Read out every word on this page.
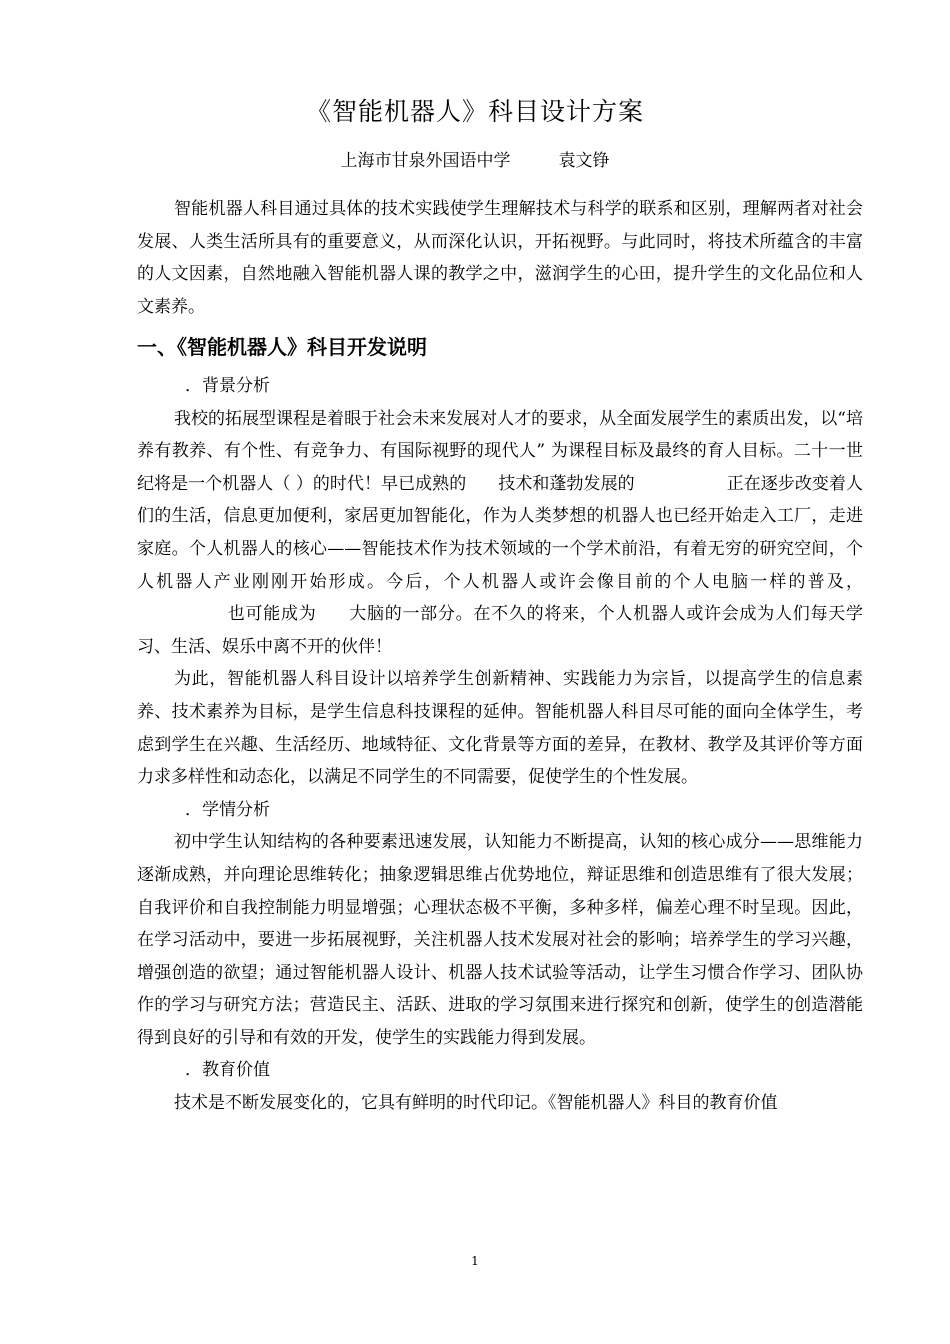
《智能机器人》科目设计方案
上海市甘泉外国语中学	袁文铮

智能机器人科目通过具体的技术实践使学生理解技术与科学的联系和区别，理解两者对社会发展、人类生活所具有的重要意义，从而深化认识，开拓视野。与此同时，将技术所蕴含的丰富的人文因素，自然地融入智能机器人课的教学之中，滋润学生的心田，提升学生的文化品位和人文素养。

一、《智能机器人》科目开发说明

．背景分析

我校的拓展型课程是着眼于社会未来发展对人才的要求，从全面发展学生的素质出发，以“培养有教养、有个性、有竞争力、有国际视野的现代人” 为课程目标及最终的育人目标。二十一世纪将是一个机器人（ ）的时代！早已成熟的 技术和蓬勃发展的	正在逐步改变着人们的生活，信息更加便利，家居更加智能化，作为人类梦想的机器人也已经开始走入工厂，走进家庭。个人机器人的核心——智能技术作为技术领域的一个学术前沿，有着无穷的研究空间，个人机器人产业刚刚开始形成。今后，个人机器人或许会像目前的个人电脑一样的普及，也可能成为 大脑的一部分。在不久的将来，个人机器人或许会成为人们每天学习、生活、娱乐中离不开的伙伴！

为此，智能机器人科目设计以培养学生创新精神、实践能力为宗旨，以提高学生的信息素养、技术素养为目标，是学生信息科技课程的延伸。智能机器人科目尽可能的面向全体学生，考虑到学生在兴趣、生活经历、地域特征、文化背景等方面的差异，在教材、教学及其评价等方面力求多样性和动态化，以满足不同学生的不同需要，促使学生的个性发展。

．学情分析

初中学生认知结构的各种要素迅速发展，认知能力不断提高，认知的核心成分——思维能力逐渐成熟，并向理论思维转化；抽象逻辑思维占优势地位，辩证思维和创造思维有了很大发展；自我评价和自我控制能力明显增强；心理状态极不平衡，多种多样，偏差心理不时呈现。因此，在学习活动中，要进一步拓展视野，关注机器人技术发展对社会的影响；培养学生的学习兴趣，增强创造的欲望；通过智能机器人设计、机器人技术试验等活动，让学生习惯合作学习、团队协作的学习与研究方法；营造民主、活跃、进取的学习氛围来进行探究和创新，使学生的创造潜能得到良好的引导和有效的开发，使学生的实践能力得到发展。

．教育价值

技术是不断发展变化的，它具有鲜明的时代印记。《智能机器人》科目的教育价值

1
